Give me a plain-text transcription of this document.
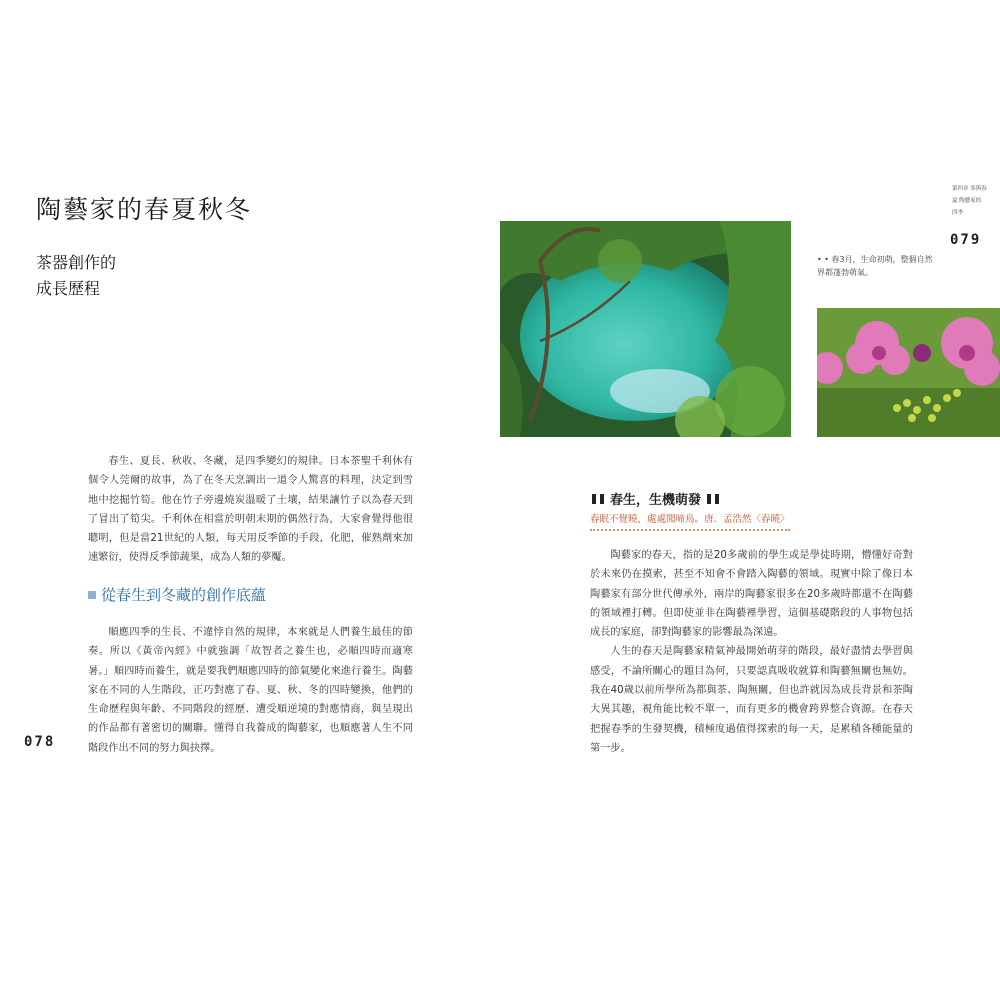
陶藝家的春夏秋冬
茶器創作的
成長歷程

春生、夏長、秋收、冬藏，是四季變幻的規律。日本茶聖千利休有個令人莞爾的故事，為了在冬天烹調出一道令人驚喜的料理，決定到雪地中挖掘竹筍。他在竹子旁邊燒炭溫暖了土壤，結果讓竹子以為春天到了冒出了筍尖。千利休在相當於明朝末期的偶然行為，大家會覺得他很聰明，但是當21世紀的人類，每天用反季節的手段，化肥，催熟劑來加速繁衍，使得反季節蔬果，成為人類的夢魘。

從春生到冬藏的創作底蘊

順應四季的生長、不違悖自然的規律，本來就是人們養生最佳的節奏。所以《黃帝內經》中就強調「故智者之養生也，必順四時而適寒暑。」順四時而養生，就是要我們順應四時的節氣變化來進行養生。陶藝家在不同的人生階段，正巧對應了春、夏、秋、冬的四時變換，他們的生命歷程與年齡、不同階段的經歷、遭受順逆境的對應情商，與呈現出的作品都有著密切的關聯。懂得自我養成的陶藝家，也順應著人生不同階段作出不同的努力與抉擇。

078
• • 春3月，生命初萌，整個自然界都蓬勃萌氣。
第四章 茶與春夏 陶藝家的 四季
079
春生，生機萌發
春眠不覺曉，處處聞啼鳥。唐．孟浩然〈春曉〉

陶藝家的春天，指的是20多歲前的學生或是學徒時期，懵懂好奇對於未來仍在摸索，甚至不知會不會踏入陶藝的領域。現實中除了像日本陶藝家有部分世代傳承外，兩岸的陶藝家很多在20多歲時都還不在陶藝的領域裡打轉。但即使並非在陶藝裡學習，這個基礎階段的人事物包括成長的家庭，卻對陶藝家的影響最為深遠。

人生的春天是陶藝家精氣神最開始萌芽的階段，最好盡情去學習與感受，不論所關心的題目為何，只要認真吸收就算和陶藝無關也無妨。我在40歲以前所學所為都與茶、陶無關，但也許就因為成長背景和茶陶大異其趣，視角能比較不單一，而有更多的機會跨界整合資源。在春天把握春季的生發契機，積極度過值得探索的每一天，是累積各種能量的第一步。
